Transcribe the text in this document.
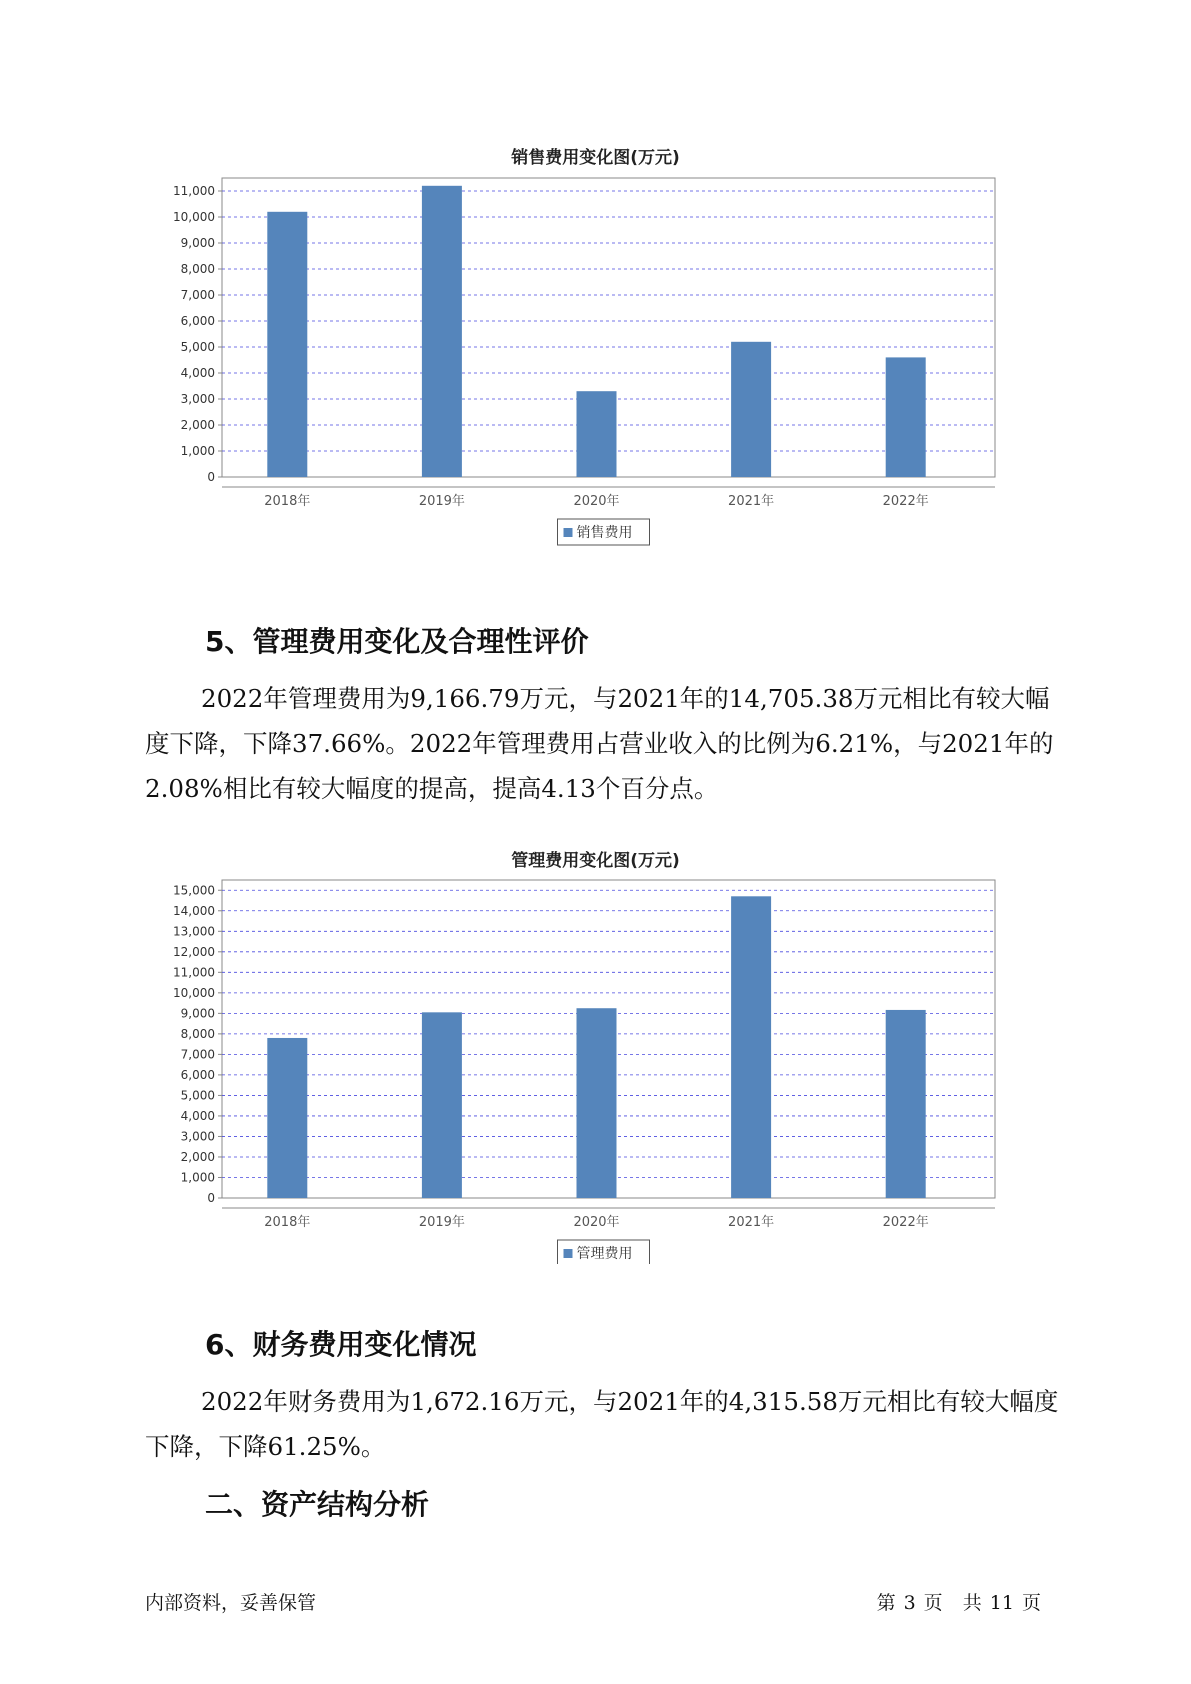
销售费用变化图(万元)
0
1,000
2,000
3,000
4,000
5,000
6,000
7,000
8,000
9,000
10,000
11,000
2018年	2019年	2020年	2021年	2022年
销售费用
5、管理费用变化及合理性评价

2022年管理费用为9,166.79万元，与2021年的14,705.38万元相比有较大幅度下降，下降37.66%。2022年管理费用占营业收入的比例为6.21%，与2021年的2.08%相比有较大幅度的提高，提高4.13个百分点。

管理费用变化图(万元)
0
1,000
2,000
3,000
4,000
5,000
6,000
7,000
8,000
9,000
10,000
11,000
12,000
13,000
14,000
15,000
2018年	2019年	2020年	2021年	2022年
管理费用
6、财务费用变化情况

2022年财务费用为1,672.16万元，与2021年的4,315.58万元相比有较大幅度下降，下降61.25%。

二、资产结构分析
内部资料，妥善保管	第 3 页 共 11 页
